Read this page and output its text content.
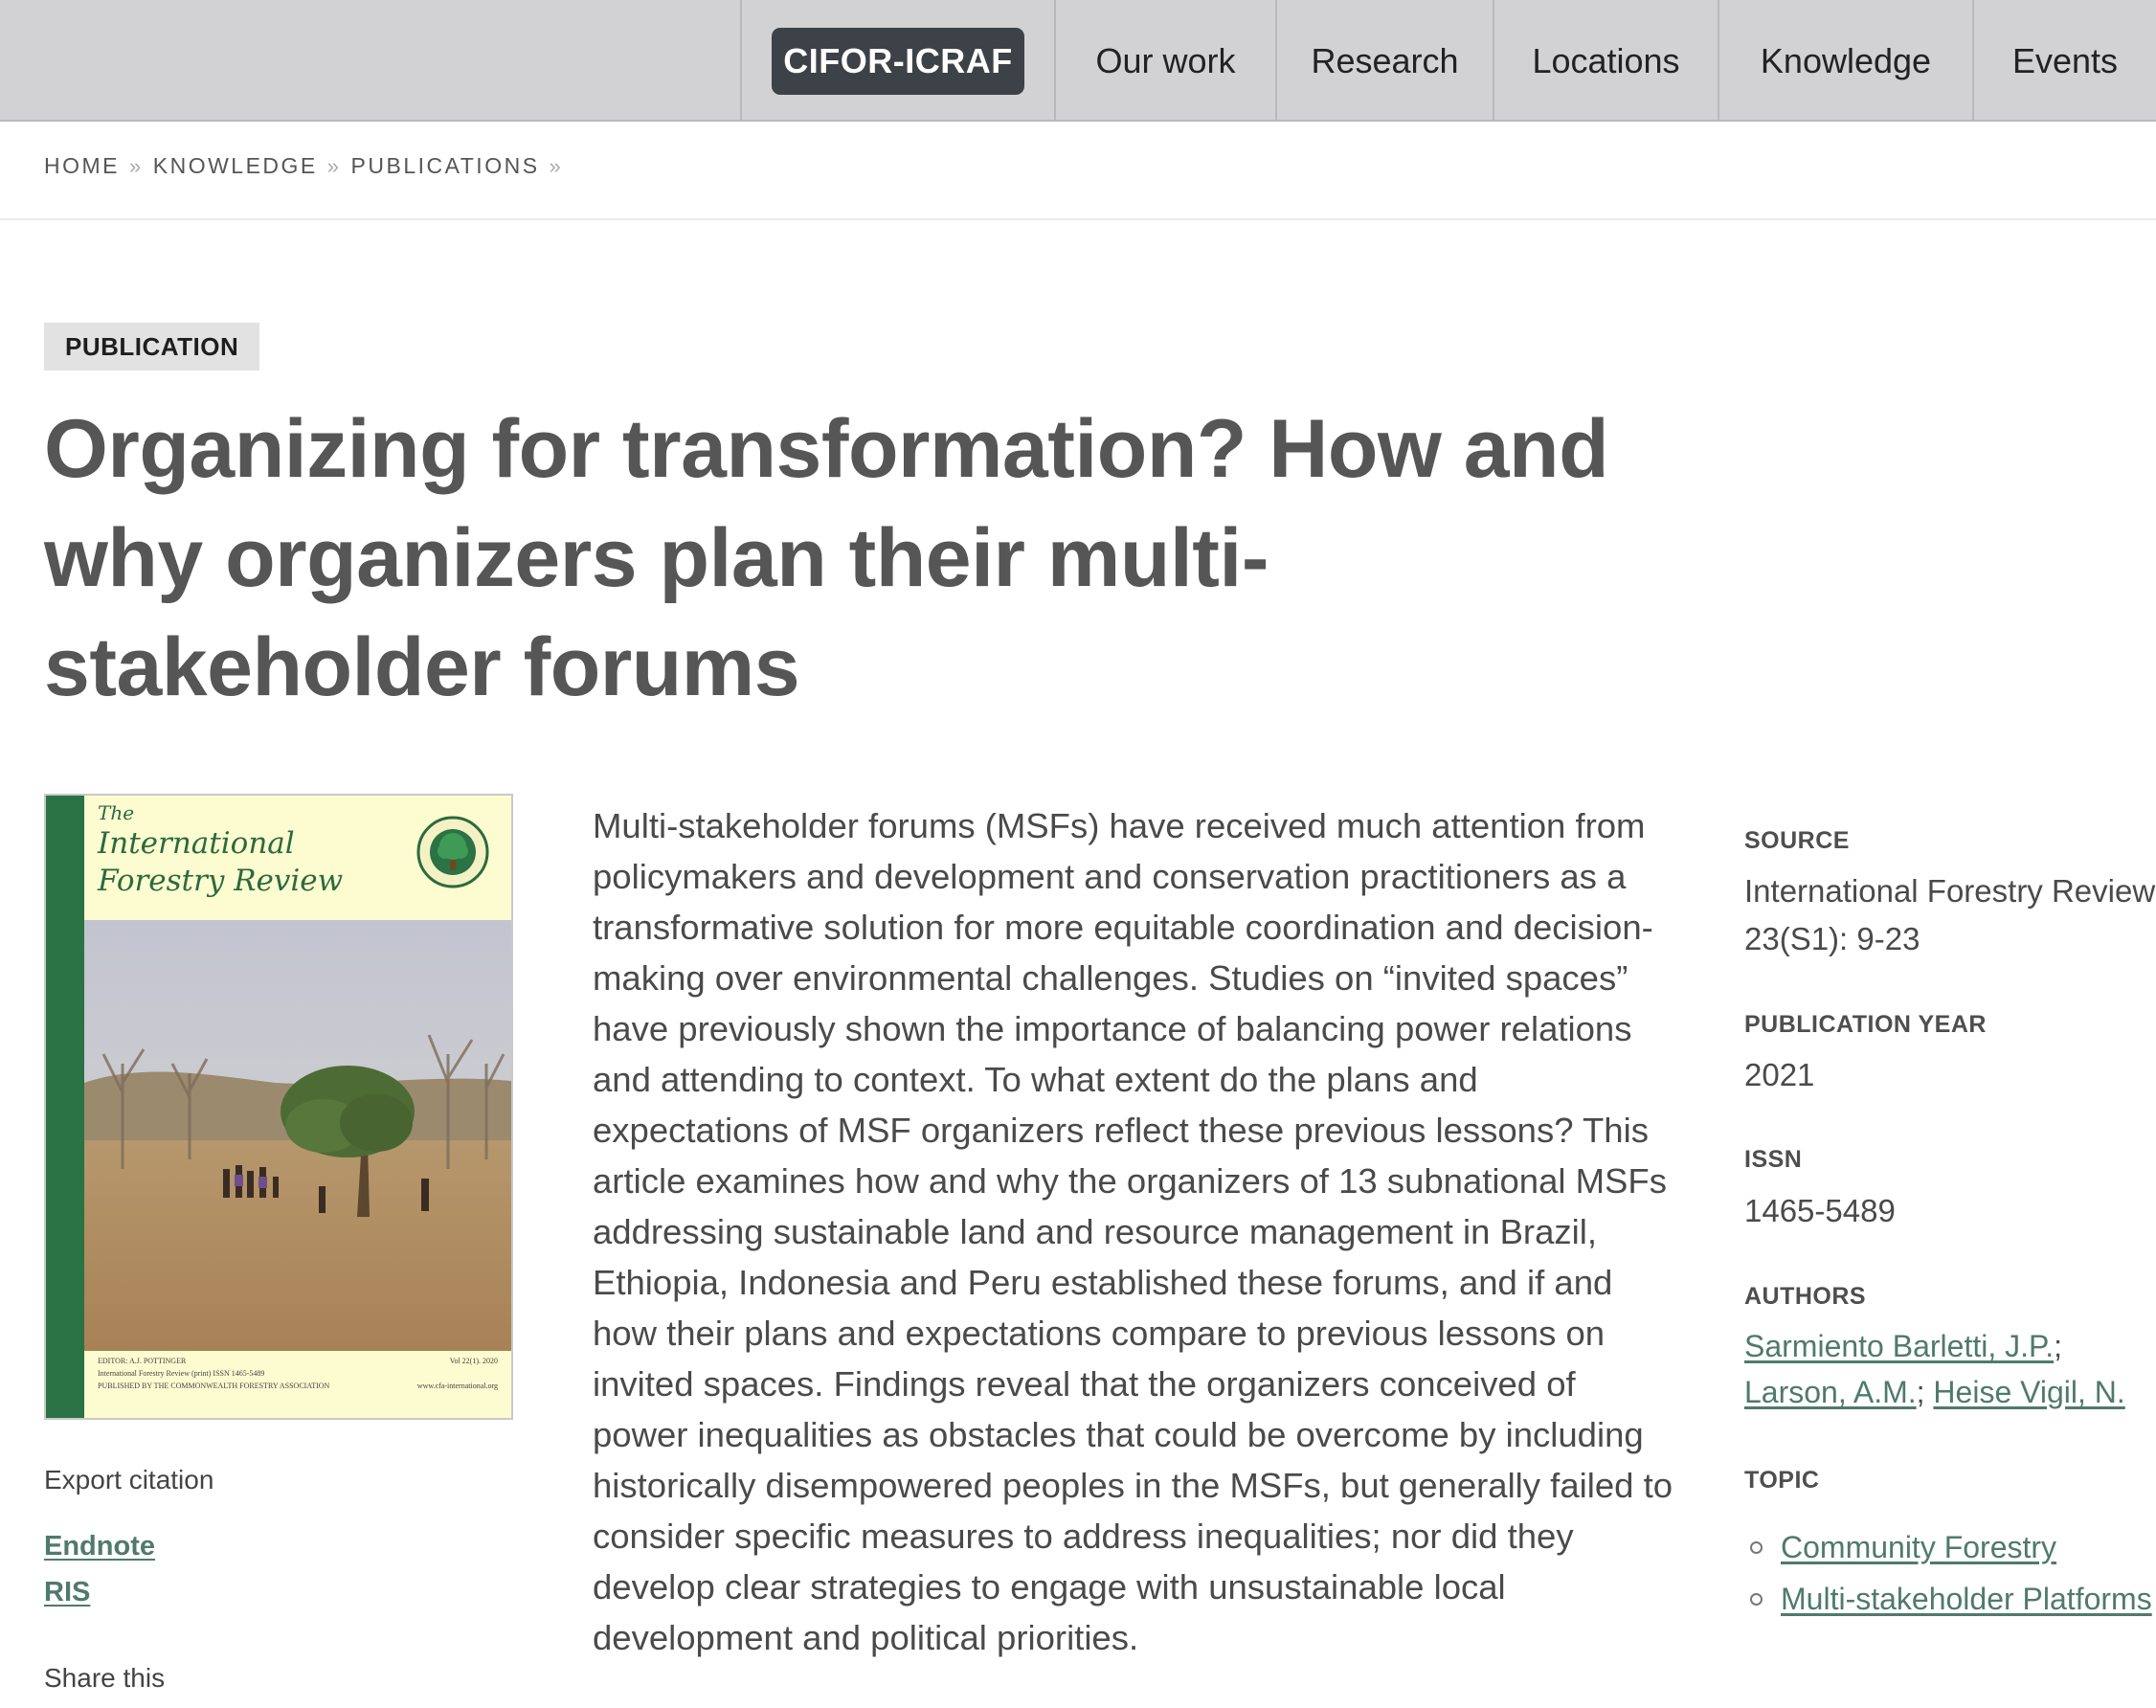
CIFOR-ICRAF	Our work Research Locations Knowledge Events
HOME » KNOWLEDGE » PUBLICATIONS »
PUBLICATION
Organizing for transformation? How and why organizers plan their multi-stakeholder forums
The
International
Forestry Review
EDITOR: A.J. POTTINGER	Vol 22(1). 2020
International Forestry Review (print) ISSN 1465-5489
PUBLISHED BY THE COMMONWEALTH FORESTRY ASSOCIATION	www.cfa-international.org
Export citation
Endnote
RIS
Share this

Multi-stakeholder forums (MSFs) have received much attention from policymakers and development and conservation practitioners as a transformative solution for more equitable coordination and decision-making over environmental challenges. Studies on “invited spaces” have previously shown the importance of balancing power relations and attending to context. To what extent do the plans and expectations of MSF organizers reflect these previous lessons? This article examines how and why the organizers of 13 subnational MSFs addressing sustainable land and resource management in Brazil, Ethiopia, Indonesia and Peru established these forums, and if and how their plans and expectations compare to previous lessons on invited spaces. Findings reveal that the organizers conceived of power inequalities as obstacles that could be overcome by including historically disempowered peoples in the MSFs, but generally failed to consider specific measures to address inequalities; nor did they develop clear strategies to engage with unsustainable local development and political priorities.

SOURCE
International Forestry Review 23(S1): 9-23
PUBLICATION YEAR
2021
ISSN
1465-5489
AUTHORS
Sarmiento Barletti, J.P.;
Larson, A.M.; Heise Vigil, N.
TOPIC
Community Forestry
Multi-stakeholder Platforms
